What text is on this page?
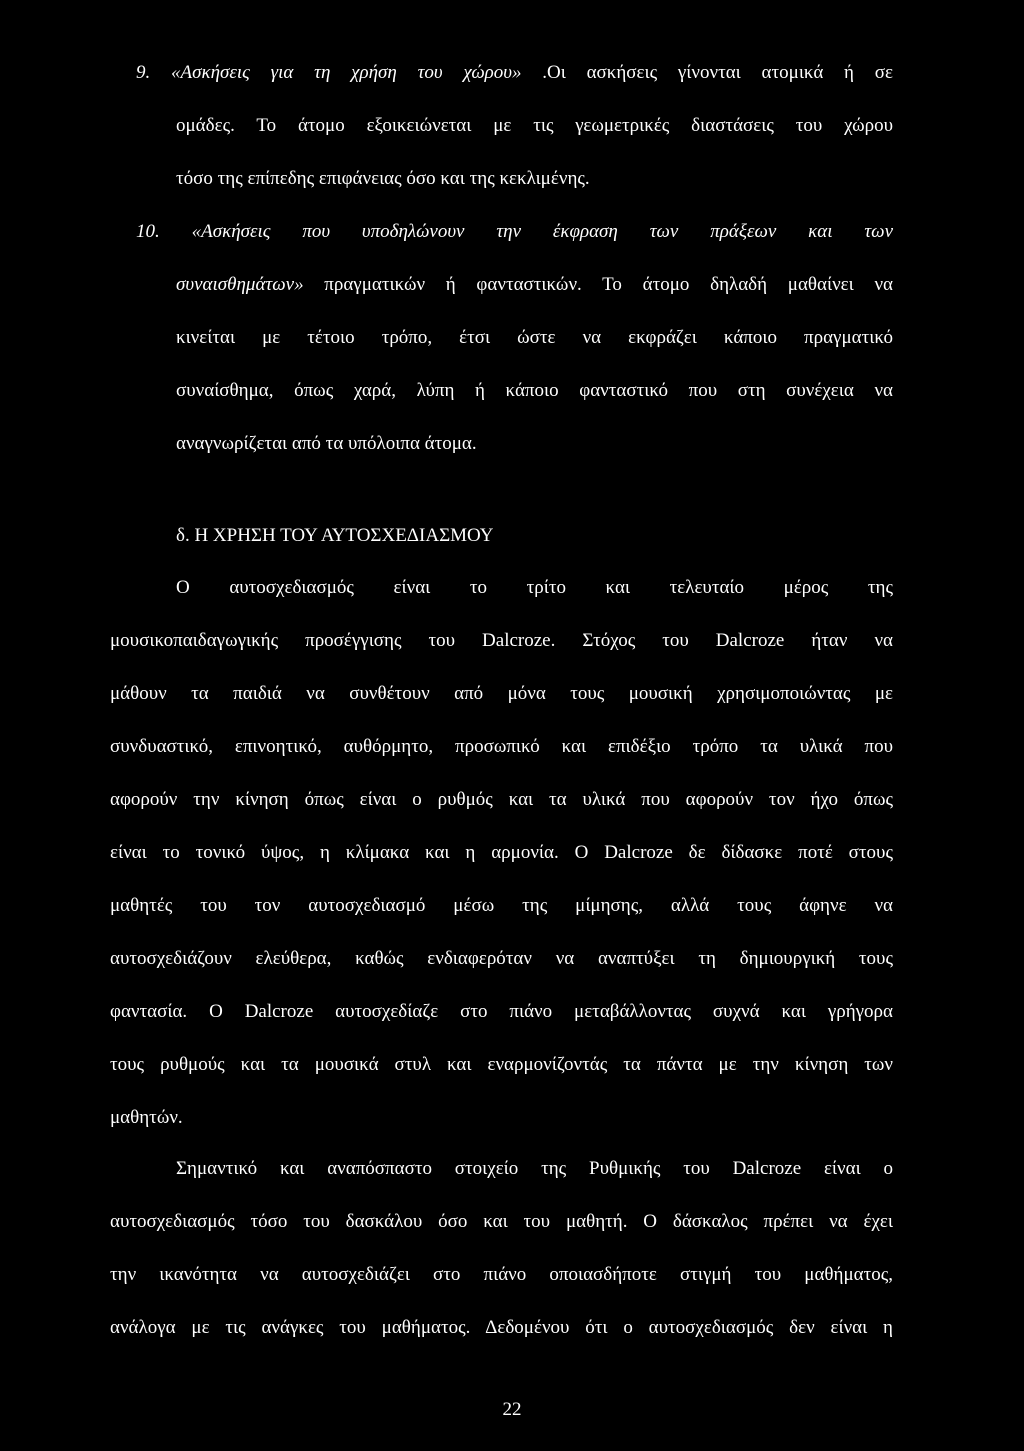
9. «Ασκήσεις για τη χρήση του χώρου» .Οι ασκήσεις γίνονται ατομικά ή σε
ομάδες. Το άτομο εξοικειώνεται με τις γεωμετρικές διαστάσεις του χώρου
τόσο της επίπεδης επιφάνειας όσο και της κεκλιμένης.
10. «Ασκήσεις που υποδηλώνουν την έκφραση των πράξεων και των
συναισθημάτων» πραγματικών ή φανταστικών. Το άτομο δηλαδή μαθαίνει να
κινείται με τέτοιο τρόπο, έτσι ώστε να εκφράζει κάποιο πραγματικό
συναίσθημα, όπως χαρά, λύπη ή κάποιο φανταστικό που στη συνέχεια να
αναγνωρίζεται από τα υπόλοιπα άτομα.
δ. Η ΧΡΗΣΗ ΤΟΥ ΑΥΤΟΣΧΕΔΙΑΣΜΟΥ
Ο αυτοσχεδιασμός είναι το τρίτο και τελευταίο μέρος της
μουσικοπαιδαγωγικής προσέγγισης του Dalcroze. Στόχος του Dalcroze ήταν να
μάθουν τα παιδιά να συνθέτουν από μόνα τους μουσική χρησιμοποιώντας με
συνδυαστικό, επινοητικό, αυθόρμητο, προσωπικό και επιδέξιο τρόπο τα υλικά που
αφορούν την κίνηση όπως είναι ο ρυθμός και τα υλικά που αφορούν τον ήχο όπως
είναι το τονικό ύψος, η κλίμακα και η αρμονία. Ο Dalcroze δε δίδασκε ποτέ στους
μαθητές του τον αυτοσχεδιασμό μέσω της μίμησης, αλλά τους άφηνε να
αυτοσχεδιάζουν ελεύθερα, καθώς ενδιαφερόταν να αναπτύξει τη δημιουργική τους
φαντασία. Ο Dalcroze αυτοσχεδίαζε στο πιάνο μεταβάλλοντας συχνά και γρήγορα
τους ρυθμούς και τα μουσικά στυλ και εναρμονίζοντάς τα πάντα με την κίνηση των
μαθητών.
Σημαντικό και αναπόσπαστο στοιχείο της Ρυθμικής του Dalcroze είναι ο
αυτοσχεδιασμός τόσο του δασκάλου όσο και του μαθητή. Ο δάσκαλος πρέπει να έχει
την ικανότητα να αυτοσχεδιάζει στο πιάνο οποιασδήποτε στιγμή του μαθήματος,
ανάλογα με τις ανάγκες του μαθήματος. Δεδομένου ότι ο αυτοσχεδιασμός δεν είναι η
22
